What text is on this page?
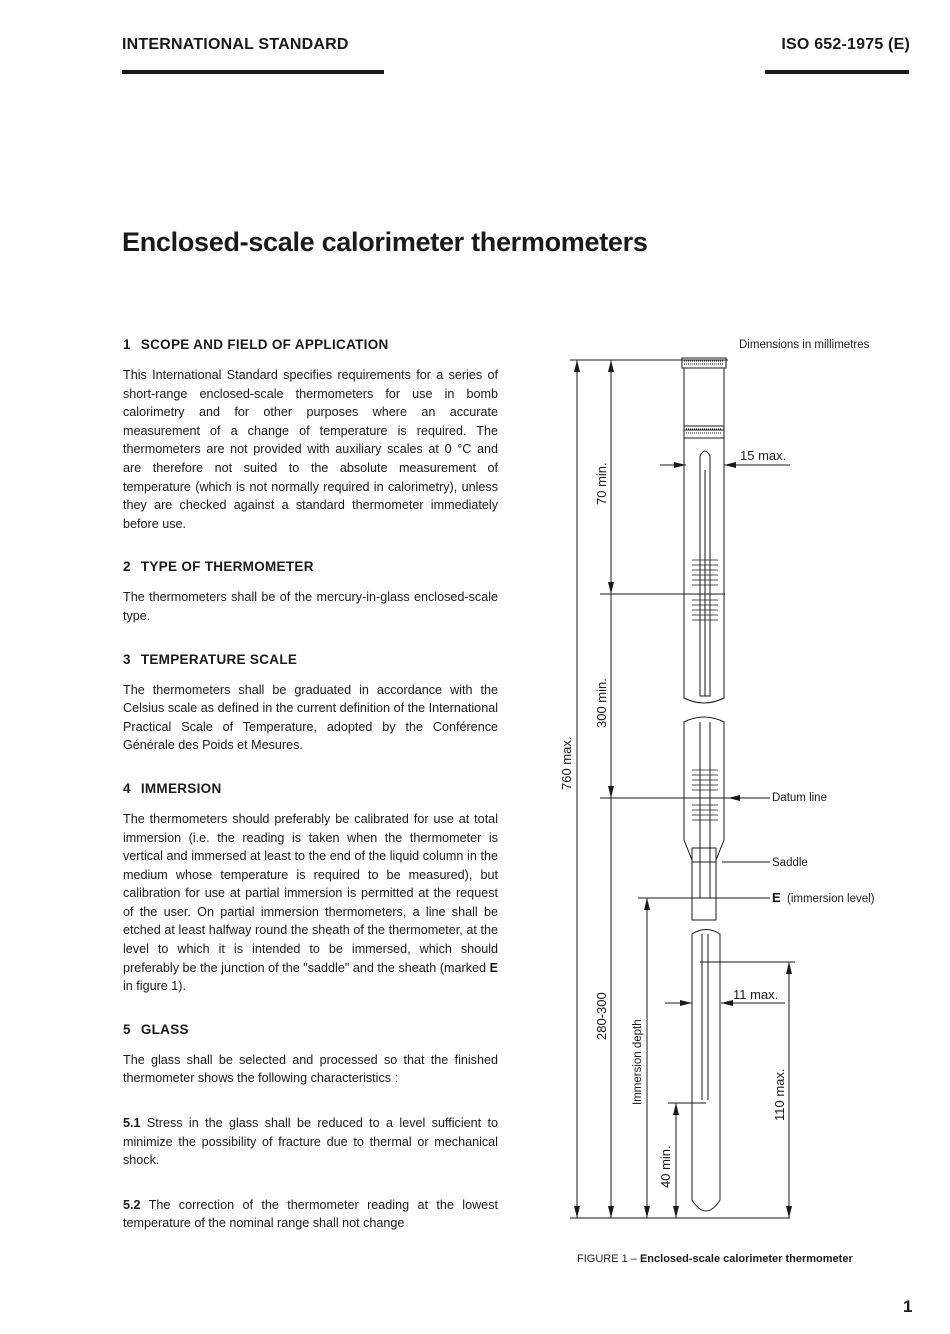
INTERNATIONAL STANDARD	ISO 652-1975 (E)
Enclosed-scale calorimeter thermometers
1 SCOPE AND FIELD OF APPLICATION

This International Standard specifies requirements for a series of short-range enclosed-scale thermometers for use in bomb calorimetry and for other purposes where an accurate measurement of a change of temperature is required. The thermometers are not provided with auxiliary scales at 0 °C and are therefore not suited to the absolute measurement of temperature (which is not normally required in calorimetry), unless they are checked against a standard thermometer immediately before use.

2 TYPE OF THERMOMETER

The thermometers shall be of the mercury-in-glass enclosed-scale type.

3 TEMPERATURE SCALE

The thermometers shall be graduated in accordance with the Celsius scale as defined in the current definition of the International Practical Scale of Temperature, adopted by the Conférence Générale des Poids et Mesures.

4 IMMERSION

The thermometers should preferably be calibrated for use at total immersion (i.e. the reading is taken when the thermometer is vertical and immersed at least to the end of the liquid column in the medium whose temperature is required to be measured), but calibration for use at partial immersion is permitted at the request of the user. On partial immersion thermometers, a line shall be etched at least halfway round the sheath of the thermometer, at the level to which it is intended to be immersed, which should preferably be the junction of the "saddle" and the sheath (marked E in figure 1).

5 GLASS

The glass shall be selected and processed so that the finished thermometer shows the following characteristics :

5.1 Stress in the glass shall be reduced to a level sufficient to minimize the possibility of fracture due to thermal or mechanical shock.

5.2 The correction of the thermometer reading at the lowest temperature of the nominal range shall not change

Dimensions in millimetres
760 max.
70 min.
300 min.
280-300
Immersion depth
40 min.
110 max.
15 max.
11 max.
Datum line
Saddle
E (immersion level)
FIGURE 1 – Enclosed-scale calorimeter thermometer
1
